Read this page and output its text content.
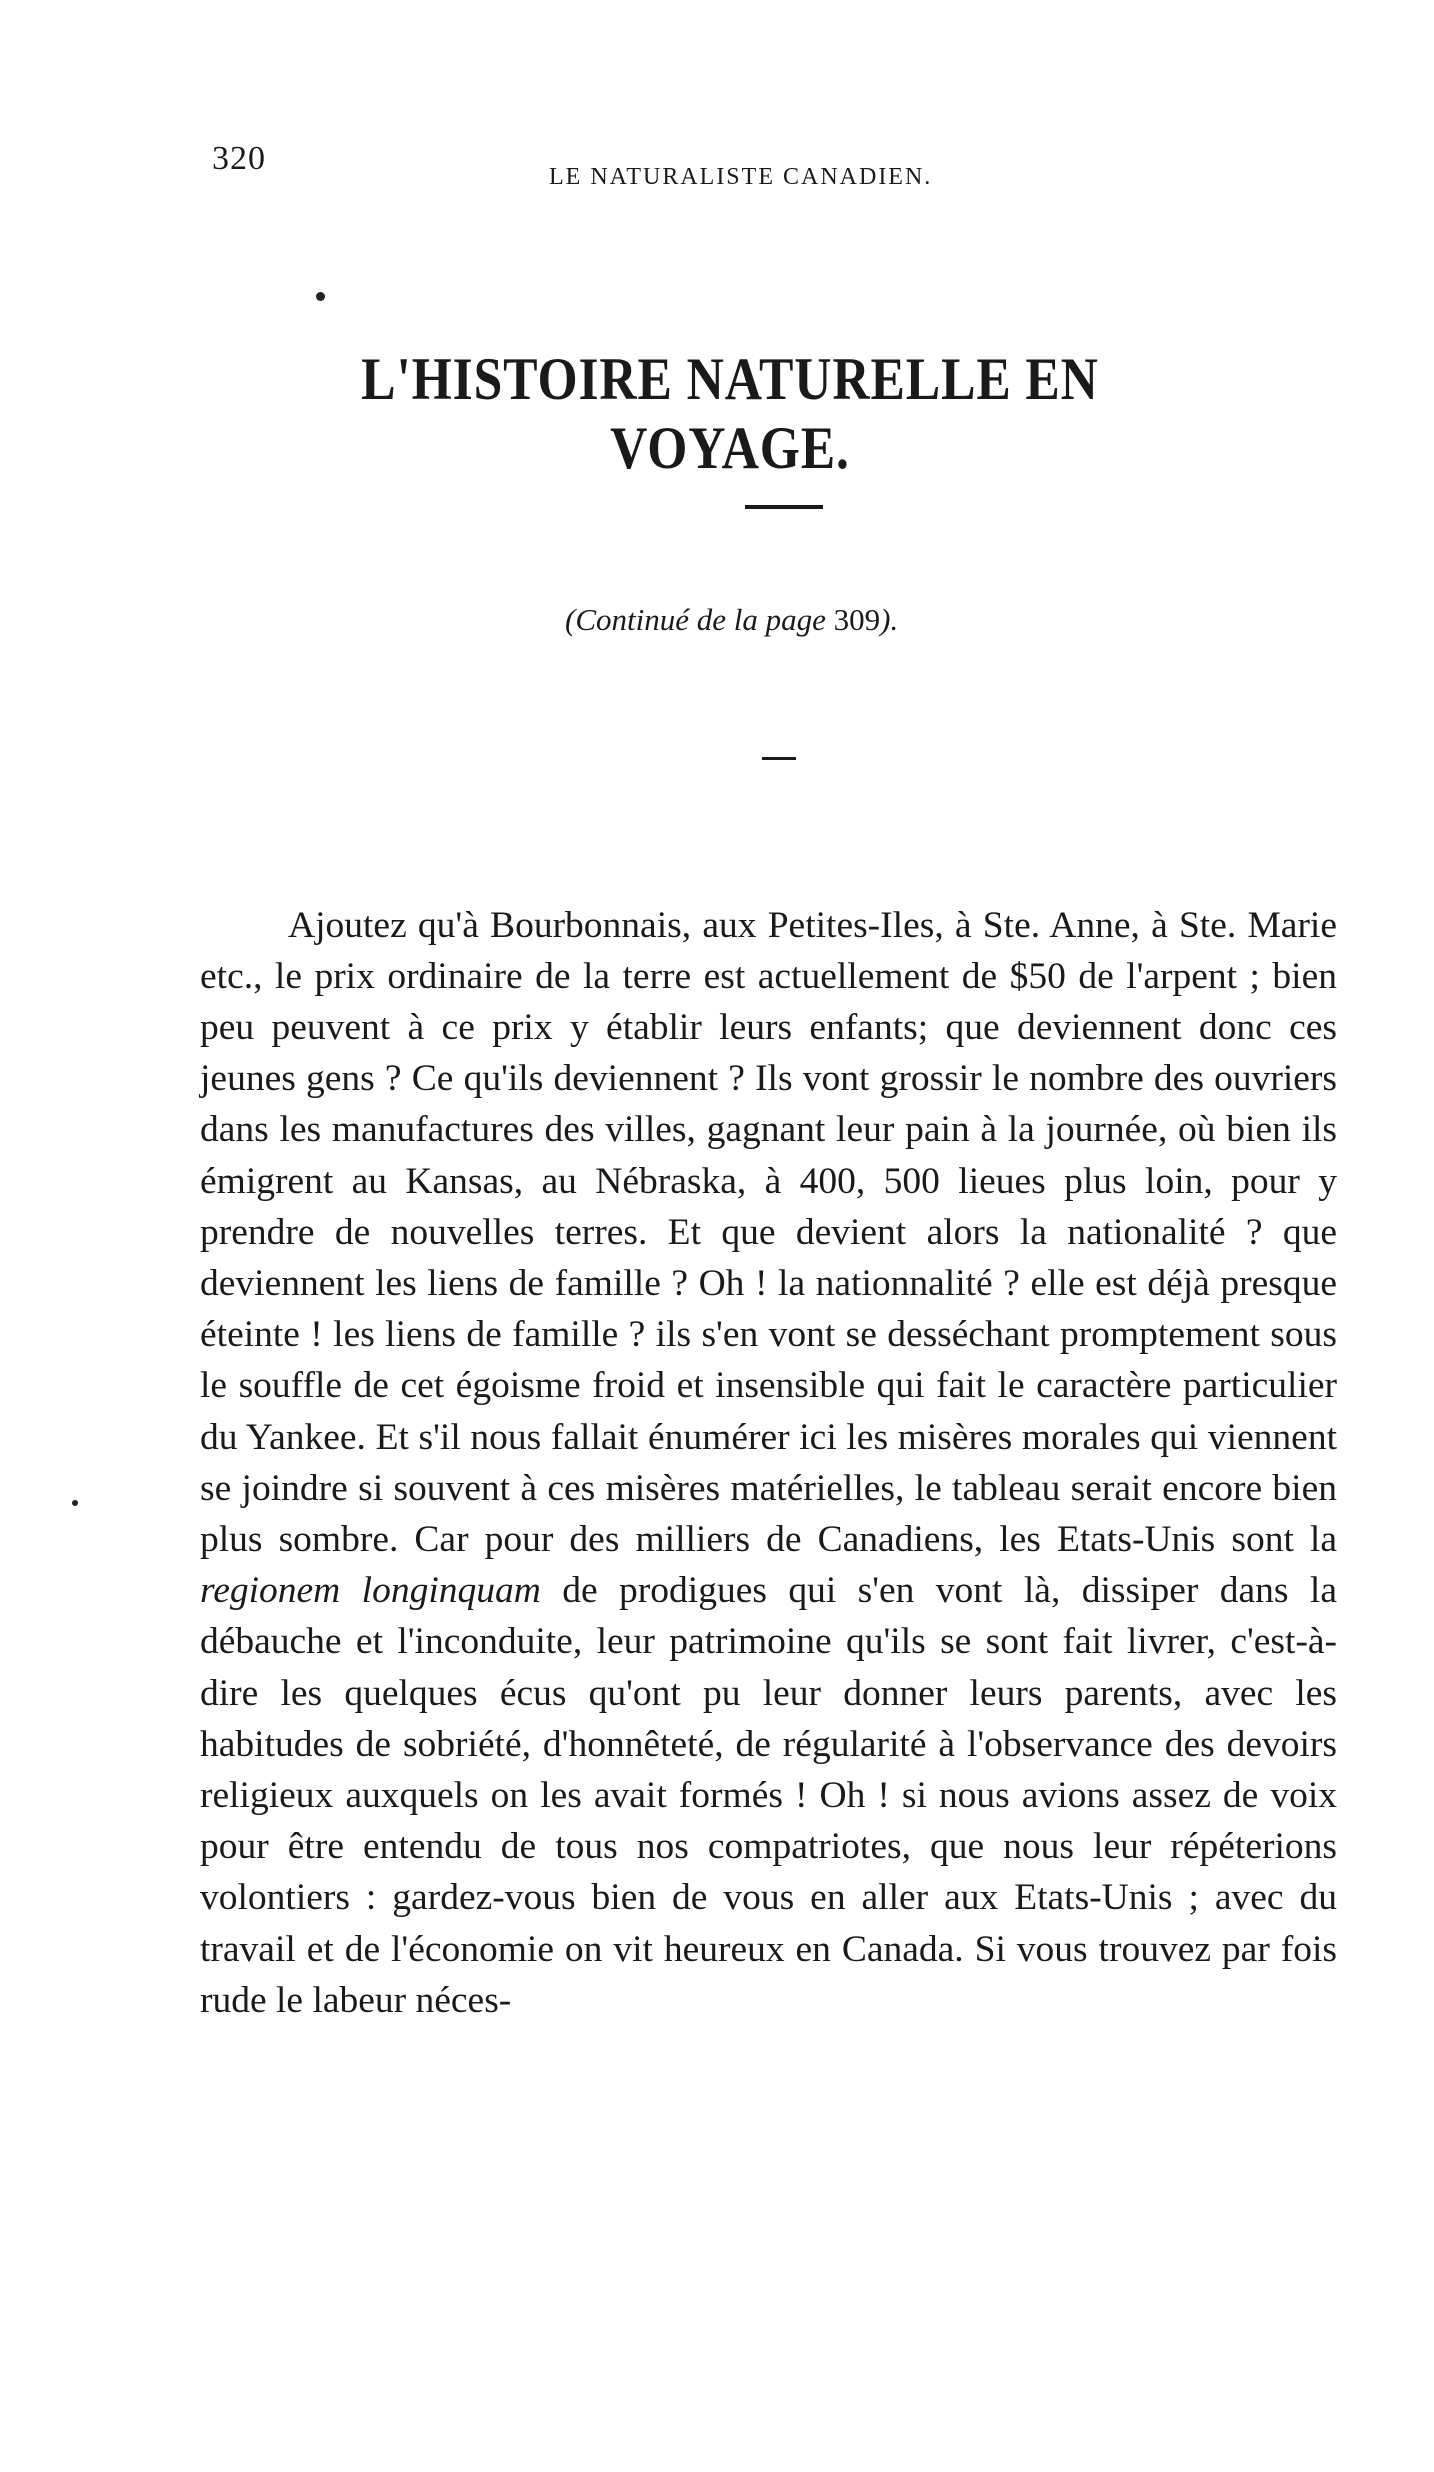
320	LE NATURALISTE CANADIEN.
L'HISTOIRE NATURELLE EN VOYAGE.
(Continué de la page 309).

Ajoutez qu'à Bourbonnais, aux Petites-Iles, à Ste. Anne, à Ste. Marie etc., le prix ordinaire de la terre est actuellement de $50 de l'arpent ; bien peu peuvent à ce prix y établir leurs enfants; que deviennent donc ces jeunes gens ? Ce qu'ils deviennent ? Ils vont grossir le nombre des ouvriers dans les manufactures des villes, gagnant leur pain à la journée, où bien ils émigrent au Kansas, au Nébraska, à 400, 500 lieues plus loin, pour y prendre de nouvelles terres. Et que devient alors la nationalité ? que deviennent les liens de famille ? Oh ! la nationnalité ? elle est déjà presque éteinte ! les liens de famille ? ils s'en vont se desséchant promptement sous le souffle de cet égoisme froid et insensible qui fait le caractère particulier du Yankee. Et s'il nous fallait énumérer ici les misères morales qui viennent se joindre si souvent à ces misères matérielles, le tableau serait encore bien plus sombre. Car pour des milliers de Canadiens, les Etats-Unis sont la regionem longinquam de prodigues qui s'en vont là, dissiper dans la débauche et l'inconduite, leur patrimoine qu'ils se sont fait livrer, c'est-à-dire les quelques écus qu'ont pu leur donner leurs parents, avec les habitudes de sobriété, d'honnêteté, de régularité à l'observance des devoirs religieux auxquels on les avait formés ! Oh ! si nous avions assez de voix pour être entendu de tous nos compatriotes, que nous leur répéterions volontiers : gardez-vous bien de vous en aller aux Etats-Unis ; avec du travail et de l'économie on vit heureux en Canada. Si vous trouvez par fois rude le labeur néces-
